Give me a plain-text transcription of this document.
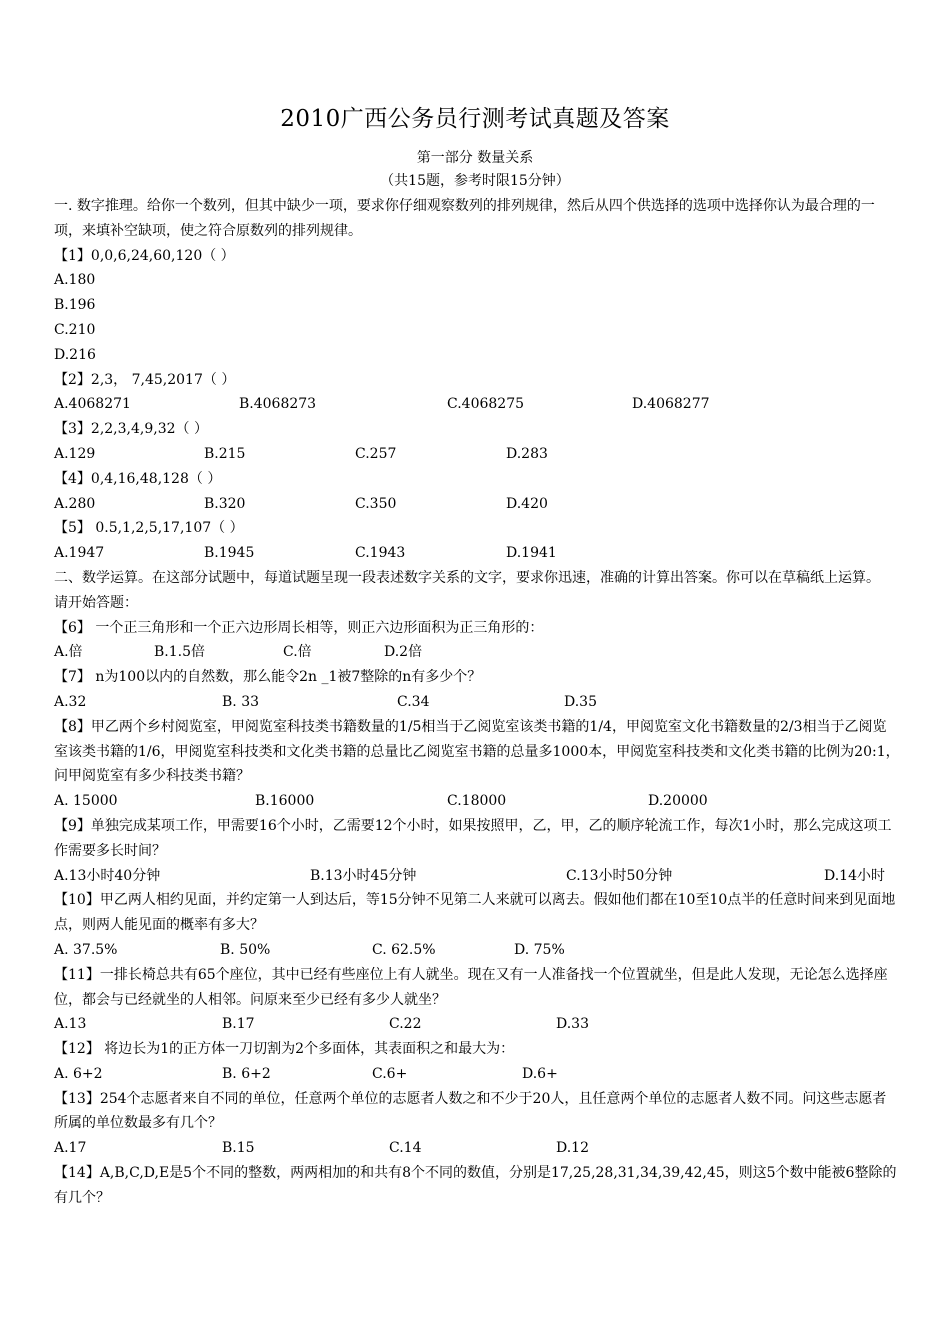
2010广西公务员行测考试真题及答案
第一部分 数量关系
（共15题，参考时限15分钟）
一. 数字推理。给你一个数列，但其中缺少一项，要求你仔细观察数列的排列规律，然后从四个供选择的选项中选择你认为最合理的一项，来填补空缺项，使之符合原数列的排列规律。
【1】0,0,6,24,60,120（ ）
A.180
B.196
C.210
D.216
【2】2,3， 7,45,2017（ ）
A.4068271	B.4068273	C.4068275	D.4068277
【3】2,2,3,4,9,32（ ）
A.129	B.215	C.257	D.283
【4】0,4,16,48,128（ ）
A.280	B.320	C.350	D.420
【5】 0.5,1,2,5,17,107（ ）
A.1947	B.1945	C.1943	D.1941
二、数学运算。在这部分试题中，每道试题呈现一段表述数字关系的文字，要求你迅速，准确的计算出答案。你可以在草稿纸上运算。
请开始答题：
【6】 一个正三角形和一个正六边形周长相等，则正六边形面积为正三角形的：
A.倍	B.1.5倍	C.倍	D.2倍
【7】 n为100以内的自然数，那么能令2n _1被7整除的n有多少个？
A.32	B. 33	C.34	D.35
【8】甲乙两个乡村阅览室，甲阅览室科技类书籍数量的1/5相当于乙阅览室该类书籍的1/4，甲阅览室文化书籍数量的2/3相当于乙阅览室该类书籍的1/6，甲阅览室科技类和文化类书籍的总量比乙阅览室书籍的总量多1000本，甲阅览室科技类和文化类书籍的比例为20:1，问甲阅览室有多少科技类书籍？
A. 15000	B.16000	C.18000	D.20000
【9】单独完成某项工作，甲需要16个小时，乙需要12个小时，如果按照甲，乙，甲，乙的顺序轮流工作，每次1小时，那么完成这项工作需要多长时间？
A.13小时40分钟	B.13小时45分钟	C.13小时50分钟	D.14小时
【10】甲乙两人相约见面，并约定第一人到达后，等15分钟不见第二人来就可以离去。假如他们都在10至10点半的任意时间来到见面地点，则两人能见面的概率有多大？
A. 37.5%	B. 50%	C. 62.5%	D. 75%
【11】一排长椅总共有65个座位，其中已经有些座位上有人就坐。现在又有一人准备找一个位置就坐，但是此人发现，无论怎么选择座位，都会与已经就坐的人相邻。问原来至少已经有多少人就坐？
A.13	B.17	C.22	D.33
【12】 将边长为1的正方体一刀切割为2个多面体，其表面积之和最大为：
A. 6+2	B. 6+2	C.6+	D.6+
【13】254个志愿者来自不同的单位，任意两个单位的志愿者人数之和不少于20人，且任意两个单位的志愿者人数不同。问这些志愿者所属的单位数最多有几个？
A.17	B.15	C.14	D.12
【14】A,B,C,D,E是5个不同的整数，两两相加的和共有8个不同的数值，分别是17,25,28,31,34,39,42,45，则这5个数中能被6整除的有几个？
